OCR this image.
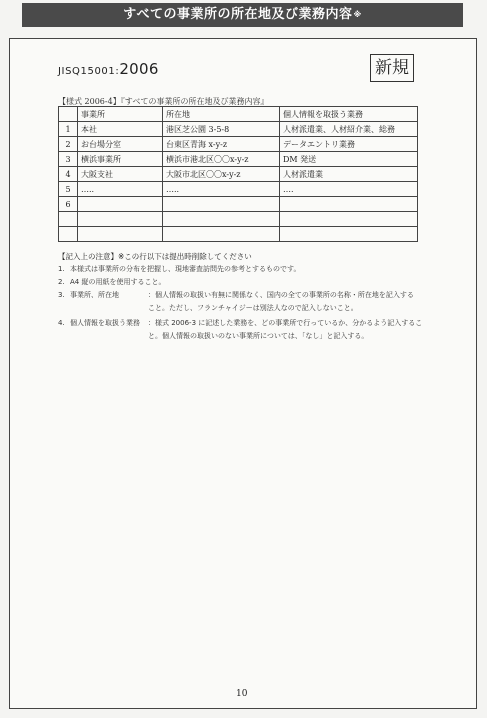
すべての事業所の所在地及び業務内容※
JISQ15001:2006	新規
【様式 2006-4】『すべての事業所の所在地及び業務内容』
	事業所	所在地	個人情報を取扱う業務
1	本社	港区芝公園 3-5-8	人材派遣業、人材紹介業、総務
2	お台場分室	台東区青海 x-y-z	データエントリ業務
3	横浜事業所	横浜市港北区〇〇x-y-z	DM 発送
4	大阪支社	大阪市北区〇〇x-y-z	人材派遣業
5	…..	…..	….
6			

【記入上の注意】※この行以下は提出時削除してください
1. 本様式は事業所の分布を把握し、現地審査訪問先の参考とするものです。
2. A4 縦の用紙を使用すること。
3. 事業所、所在地	：個人情報の取扱い有無に関係なく、国内の全ての事業所の名称・所在地を記入する
こと。ただし、フランチャイジーは別法人なので記入しないこと。
4. 個人情報を取扱う業務 ：様式 2006-3 に記述した業務を、どの事業所で行っているか、分かるよう記入するこ
と。個人情報の取扱いのない事業所については、「なし」と記入する。
10
